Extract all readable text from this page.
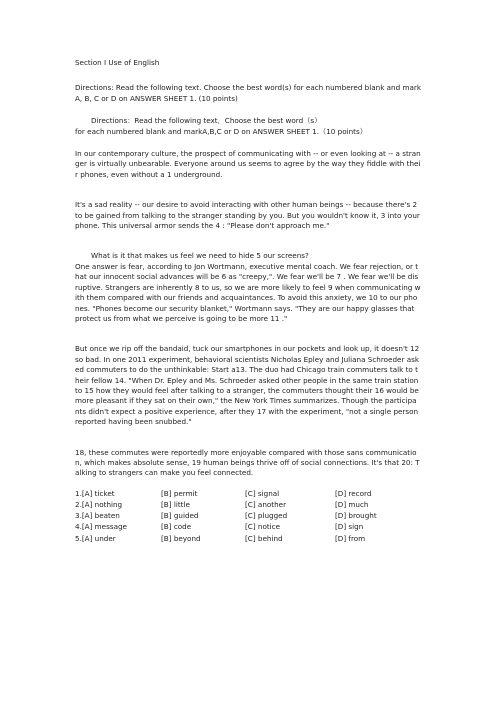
Section Ⅰ Use of English

Directions: Read the following text. Choose the best word(s) for each numbered blank and mark A, B, C or D on ANSWER SHEET 1. (10 points)

Directions：Read the following text．Choose the best word（s）

for each numbered blank and markA,B,C or D on ANSWER SHEET 1.（10 points）

In our contemporary culture, the prospect of communicating with -- or even looking at -- a stranger is virtually unbearable. Everyone around us seems to agree by the way they fiddle with their phones, even without a 1 underground.

It's a sad reality -- our desire to avoid interacting with other human beings -- because there's 2 to be gained from talking to the stranger standing by you. But you wouldn't know it, 3 into your phone. This universal armor sends the 4 : "Please don't approach me."

What is it that makes us feel we need to hide 5 our screens?

One answer is fear, according to Jon Wortmann, executive mental coach. We fear rejection, or that our innocent social advances will be 6 as "creepy,". We fear we'll be 7 . We fear we'll be disruptive. Strangers are inherently 8 to us, so we are more likely to feel 9 when communicating with them compared with our friends and acquaintances. To avoid this anxiety, we 10 to our phones. "Phones become our security blanket," Wortmann says. "They are our happy glasses that protect us from what we perceive is going to be more 11 ."

But once we rip off the bandaid, tuck our smartphones in our pockets and look up, it doesn't 12 so bad. In one 2011 experiment, behavioral scientists Nicholas Epley and Juliana Schroeder asked commuters to do the unthinkable: Start a13. The duo had Chicago train commuters talk to their fellow 14. "When Dr. Epley and Ms. Schroeder asked other people in the same train station to 15 how they would feel after talking to a stranger, the commuters thought their 16 would be more pleasant if they sat on their own," the New York Times summarizes. Though the participants didn't expect a positive experience, after they 17 with the experiment, "not a single person reported having been snubbed."

18, these commutes were reportedly more enjoyable compared with those sans communication, which makes absolute sense, 19 human beings thrive off of social connections. It's that 20: Talking to strangers can make you feel connected.

1.[A] ticket	[B] permit	[C] signal	[D] record
2.[A] nothing	[B] little	[C] another	[D] much
3.[A] beaten	[B] guided	[C] plugged	[D] brought
4.[A] message	[B] code	[C] notice	[D] sign
5.[A] under	[B] beyond	[C] behind	[D] from
